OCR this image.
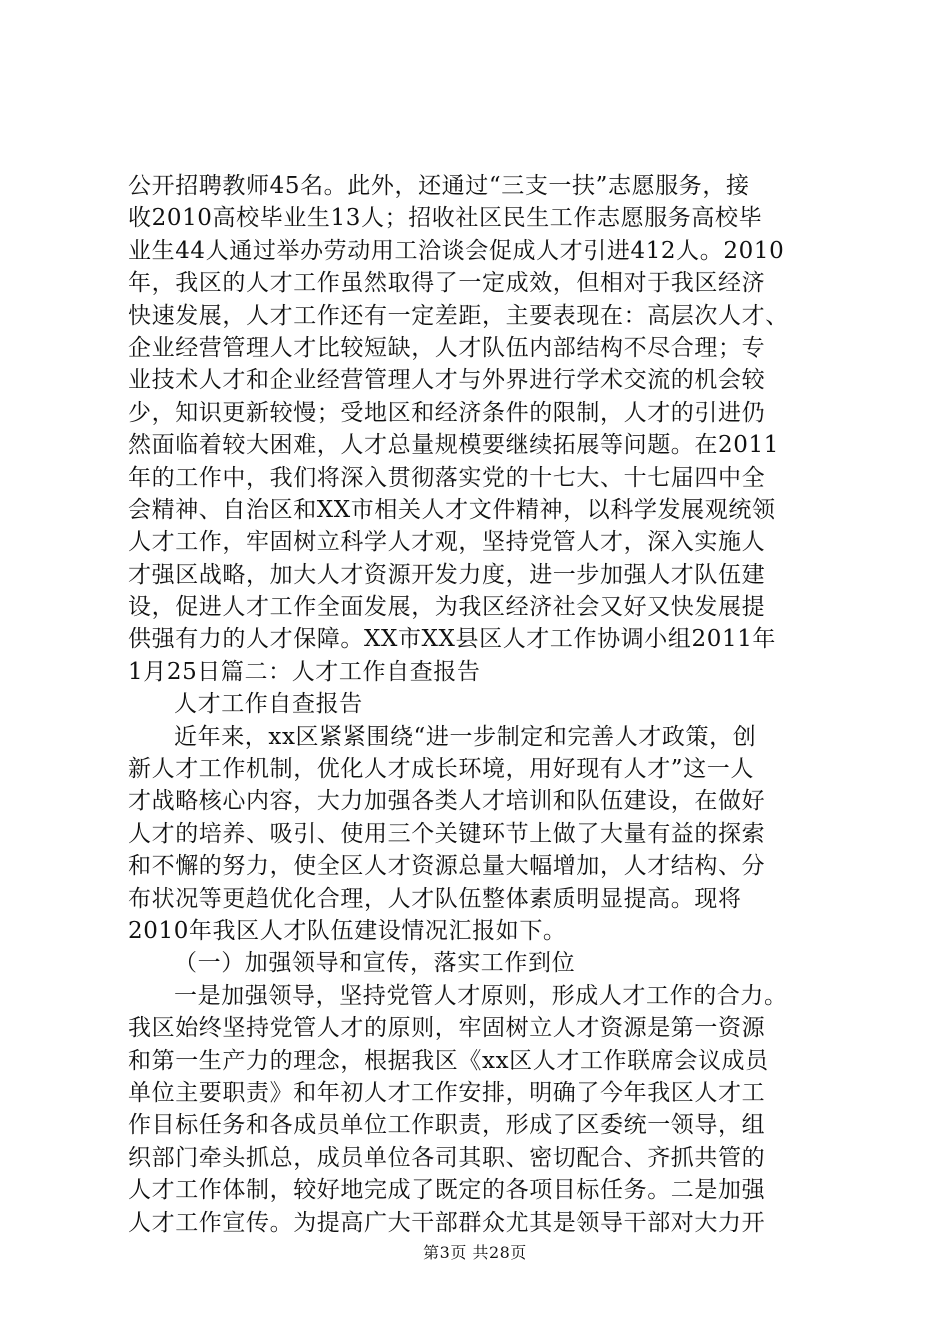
公开招聘教师45名。此外，还通过“三支一扶”志愿服务，接
收2010高校毕业生13人；招收社区民生工作志愿服务高校毕
业生44人通过举办劳动用工洽谈会促成人才引进412人。2010
年，我区的人才工作虽然取得了一定成效，但相对于我区经济
快速发展，人才工作还有一定差距，主要表现在：高层次人才、
企业经营管理人才比较短缺，人才队伍内部结构不尽合理；专
业技术人才和企业经营管理人才与外界进行学术交流的机会较
少，知识更新较慢；受地区和经济条件的限制，人才的引进仍
然面临着较大困难，人才总量规模要继续拓展等问题。在2011
年的工作中，我们将深入贯彻落实党的十七大、十七届四中全
会精神、自治区和XX市相关人才文件精神，以科学发展观统领
人才工作，牢固树立科学人才观，坚持党管人才，深入实施人
才强区战略，加大人才资源开发力度，进一步加强人才队伍建
设，促进人才工作全面发展，为我区经济社会又好又快发展提
供强有力的人才保障。XX市XX县区人才工作协调小组2011年
1月25日篇二：人才工作自查报告
人才工作自查报告
近年来，xx区紧紧围绕“进一步制定和完善人才政策，创
新人才工作机制，优化人才成长环境，用好现有人才”这一人
才战略核心内容，大力加强各类人才培训和队伍建设，在做好
人才的培养、吸引、使用三个关键环节上做了大量有益的探索
和不懈的努力，使全区人才资源总量大幅增加，人才结构、分
布状况等更趋优化合理，人才队伍整体素质明显提高。现将
2010年我区人才队伍建设情况汇报如下。
（一）加强领导和宣传，落实工作到位
一是加强领导，坚持党管人才原则，形成人才工作的合力。
我区始终坚持党管人才的原则，牢固树立人才资源是第一资源
和第一生产力的理念，根据我区《xx区人才工作联席会议成员
单位主要职责》和年初人才工作安排，明确了今年我区人才工
作目标任务和各成员单位工作职责，形成了区委统一领导，组
织部门牵头抓总，成员单位各司其职、密切配合、齐抓共管的
人才工作体制，较好地完成了既定的各项目标任务。二是加强
人才工作宣传。为提高广大干部群众尤其是领导干部对大力开
第3页 共28页
